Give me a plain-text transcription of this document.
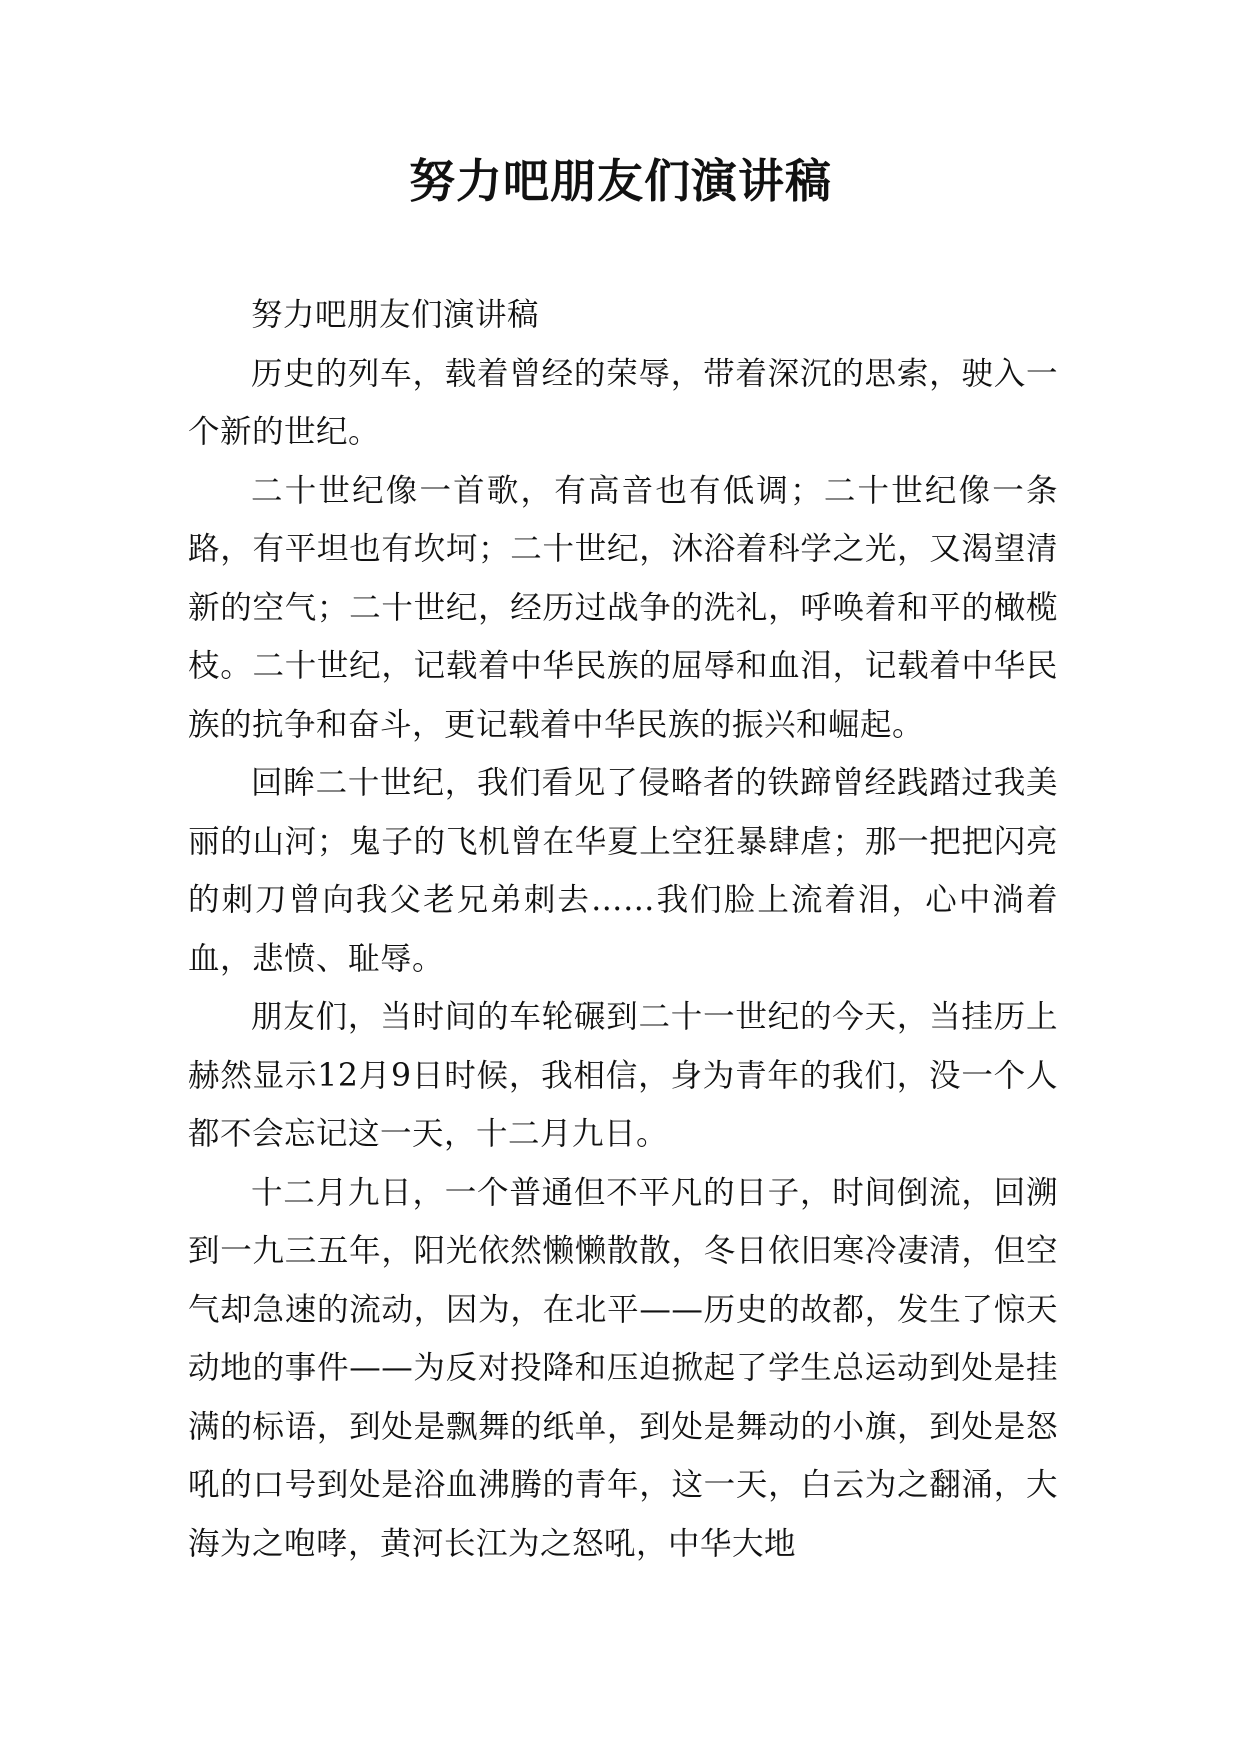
努力吧朋友们演讲稿

努力吧朋友们演讲稿

历史的列车，载着曾经的荣辱，带着深沉的思索，驶入一个新的世纪。

二十世纪像一首歌，有高音也有低调；二十世纪像一条路，有平坦也有坎坷；二十世纪，沐浴着科学之光，又渴望清新的空气；二十世纪，经历过战争的洗礼，呼唤着和平的橄榄枝。二十世纪，记载着中华民族的屈辱和血泪，记载着中华民族的抗争和奋斗，更记载着中华民族的振兴和崛起。

回眸二十世纪，我们看见了侵略者的铁蹄曾经践踏过我美丽的山河；鬼子的飞机曾在华夏上空狂暴肆虐；那一把把闪亮的刺刀曾向我父老兄弟刺去……我们脸上流着泪，心中淌着血，悲愤、耻辱。

朋友们，当时间的车轮碾到二十一世纪的今天，当挂历上赫然显示12月9日时候，我相信，身为青年的我们，没一个人都不会忘记这一天，十二月九日。

十二月九日，一个普通但不平凡的日子，时间倒流，回溯到一九三五年，阳光依然懒懒散散，冬日依旧寒冷凄清，但空气却急速的流动，因为，在北平——历史的故都，发生了惊天动地的事件——为反对投降和压迫掀起了学生总运动到处是挂满的标语，到处是飘舞的纸单，到处是舞动的小旗，到处是怒吼的口号到处是浴血沸腾的青年，这一天，白云为之翻涌，大海为之咆哮，黄河长江为之怒吼，中华大地
